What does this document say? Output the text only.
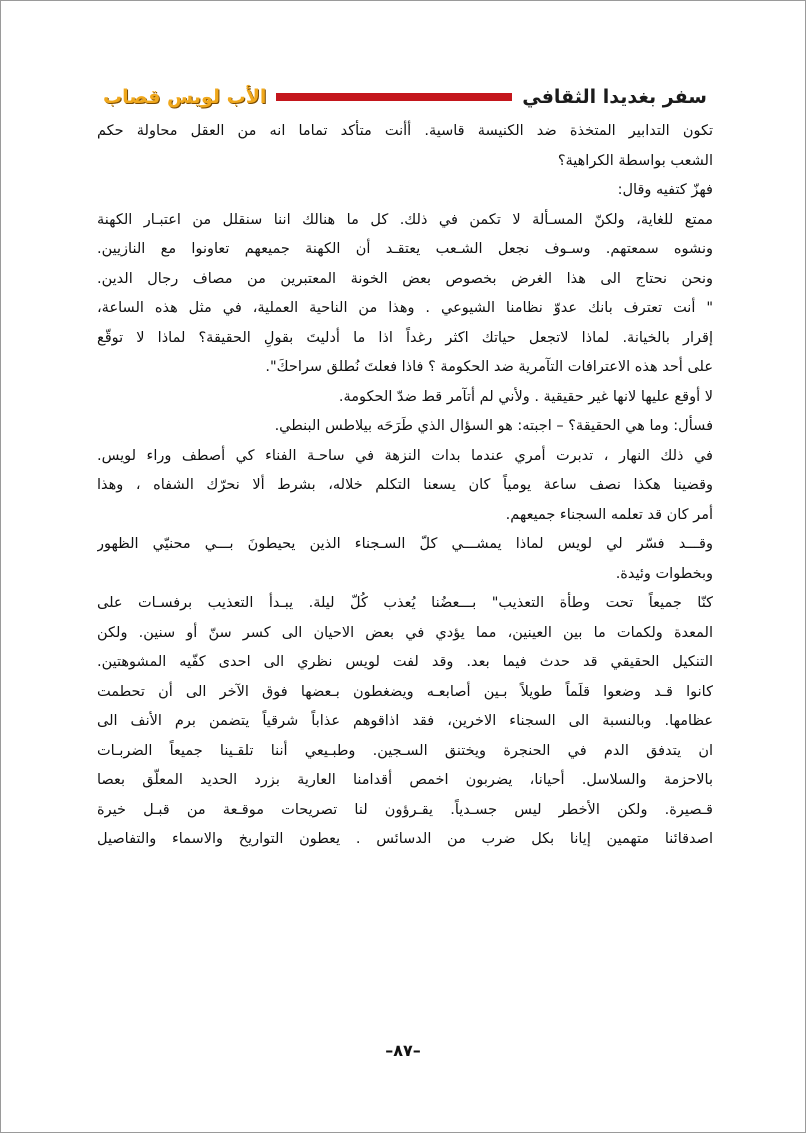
سفر بغديدا الثقافي
الأب لويس قصاب
تكون التدابير المتخذة ضد الكنيسة قاسية. أأنت متأكد تماما انه من العقل محاولة حكم
الشعب بواسطة الكراهية؟
فهزّ كتفيه وقال:
ممتع للغاية، ولكنّ المسـألة لا تكمن في ذلك. كل ما هنالك اننا سنقلل من اعتبـار الكهنة
ونشوه سمعتهم. وسـوف نجعل الشـعب يعتقـد أن الكهنة جميعهم تعاونوا مع النازيين.
ونحن نحتاج الى هذا الغرض بخصوص بعض الخونة المعتبرين من مصاف رجال الدين.
" أنت تعترف بانك عدوّ نظامنا الشيوعي . وهذا من الناحية العملية، في مثل هذه الساعة،
إقرار بالخيانة. لماذا لاتجعل حياتك اكثر رغداً اذا ما أدليتَ بقولِ الحقيقة؟ لماذا لا توقّع
على أحد هذه الاعترافات التآمرية ضد الحكومة ؟ فاذا فعلتَ نُطلق سراحكَ".
لا أوقع عليها لانها غير حقيقية . ولأني لم أتآمر قط ضدّ الحكومة.
فسأل: وما هي الحقيقة؟ – اجبته: هو السؤال الذي طَرَحَه بيلاطس البنطي.
في ذلك النهار ، تدبرت أمري عندما بدات النزهة في ساحـة الفناء كي أصطف وراء لويس.
وقضينا هكذا نصف ساعة يومياً كان يسعنا التكلم خلاله، بشرط ألا نحرّك الشفاه ، وهذا
أمر كان قد تعلمه السجناء جميعهم.
وقـــد فسّر لي لويس لماذا يمشـــي كلّ السـجناء الذين يحيطونَ بـــي محنيّي الظهور
وبخطوات وئيدة.
كنّا جميعاً تحت وطأة التعذيب" بـــعضُنا يُعذب كُلّ ليلة. يبـدأ التعذيب برفسـات على
المعدة ولكمات ما بين العينين، مما يؤدي في بعض الاحيان الى كسر سنّ أو سنين. ولكن
التنكيل الحقيقي قد حدث فيما بعد. وقد لفت لويس نظري الى احدى كفّيه المشوهتين.
كانوا قـد وضعوا قلَماً طويلاً بـين أصابعـه ويضغطون بـعضها فوق الآخر الى أن تحطمت
عظامها. وبالنسبة الى السجناء الاخرين، فقد اذاقوهم عذاباً شرقياً يتضمن برم الأنف الى
ان يتدفق الدم في الحنجرة ويختنق السـجين. وطبـيعي أننا تلقـينا جميعاً الضربـات
بالاحزمة والسلاسل. أحيانا، يضربون اخمص أقدامنا العارية بزرد الحديد المعلّق بعصا
قـصيرة. ولكن الأخطر ليس جسـدياً. يقـرؤون لنا تصريحات موقـعة من قبـل خيرة
اصدقائنا متهمين إيانا بكل ضرب من الدسائس . يعطون التواريخ والاسماء والتفاصيل
–٨٧–
